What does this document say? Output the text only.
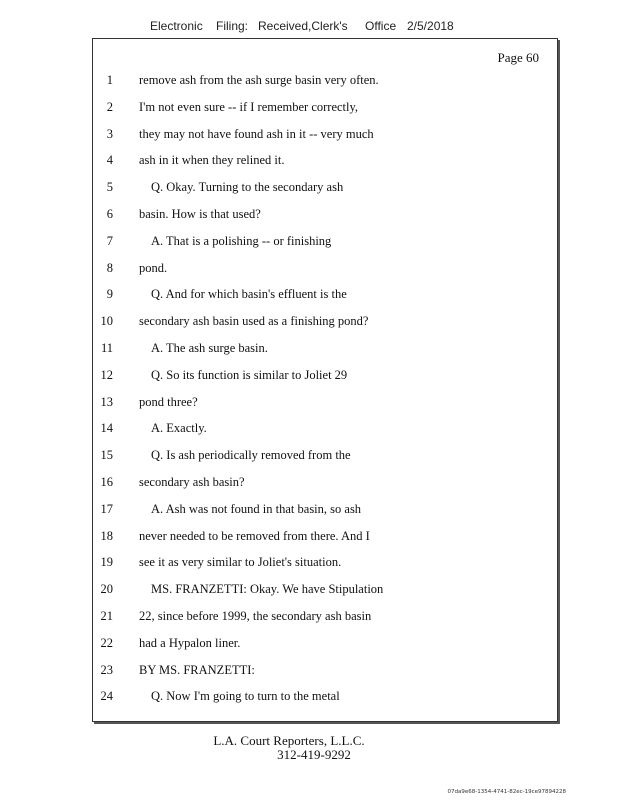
Electronic Filing: Received,Clerk's Office 2/5/2018
Page 60
1 remove ash from the ash surge basin very often.
2 I'm not even sure -- if I remember correctly,
3 they may not have found ash in it -- very much
4 ash in it when they relined it.
5	Q. Okay. Turning to the secondary ash
6 basin. How is that used?
7	A. That is a polishing -- or finishing
8 pond.
9	Q. And for which basin's effluent is the
10 secondary ash basin used as a finishing pond?
11	A. The ash surge basin.
12	Q. So its function is similar to Joliet 29
13 pond three?
14	A. Exactly.
15	Q. Is ash periodically removed from the
16 secondary ash basin?
17	A. Ash was not found in that basin, so ash
18 never needed to be removed from there. And I
19 see it as very similar to Joliet's situation.
20	MS. FRANZETTI: Okay. We have Stipulation
21 22, since before 1999, the secondary ash basin
22 had a Hypalon liner.
23 BY MS. FRANZETTI:
24	Q. Now I'm going to turn to the metal
L.A. Court Reporters, L.L.C.
312-419-9292
07da9e68-1354-4741-82ec-19ce97894228
